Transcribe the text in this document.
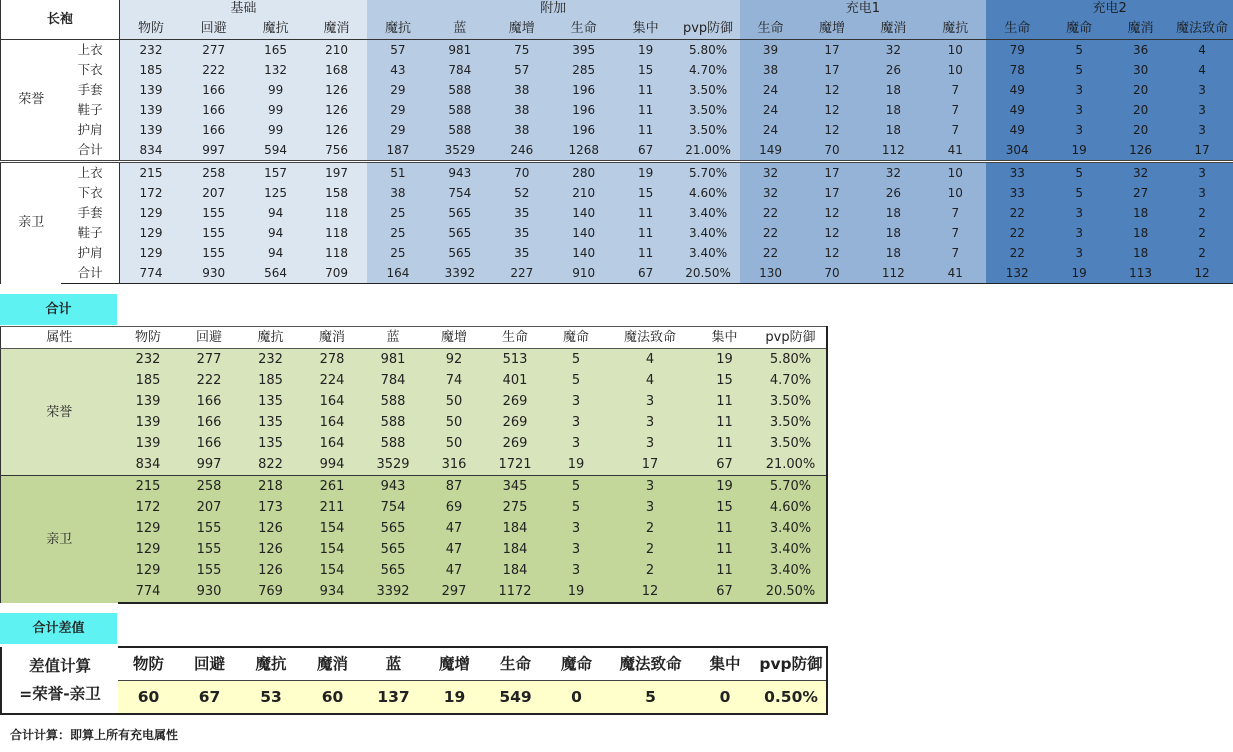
长袍		基础				附加						充电1				充电2			
		物防	回避	魔抗	魔消	魔抗	蓝	魔增	生命	集中	pvp防御	生命	魔增	魔消	魔抗	生命	魔命	魔消	魔法致命
荣誉	上衣	232	277	165	210	57	981	75	395	19	5.80%	39	17	32	10	79	5	36	4
	下衣	185	222	132	168	43	784	57	285	15	4.70%	38	17	26	10	78	5	30	4
	手套	139	166	99	126	29	588	38	196	11	3.50%	24	12	18	7	49	3	20	3
	鞋子	139	166	99	126	29	588	38	196	11	3.50%	24	12	18	7	49	3	20	3
	护肩	139	166	99	126	29	588	38	196	11	3.50%	24	12	18	7	49	3	20	3
	合计	834	997	594	756	187	3529	246	1268	67	21.00%	149	70	112	41	304	19	126	17
亲卫	上衣	215	258	157	197	51	943	70	280	19	5.70%	32	17	32	10	33	5	32	3
	下衣	172	207	125	158	38	754	52	210	15	4.60%	32	17	26	10	33	5	27	3
	手套	129	155	94	118	25	565	35	140	11	3.40%	22	12	18	7	22	3	18	2
	鞋子	129	155	94	118	25	565	35	140	11	3.40%	22	12	18	7	22	3	18	2
	护肩	129	155	94	118	25	565	35	140	11	3.40%	22	12	18	7	22	3	18	2
	合计	774	930	564	709	164	3392	227	910	67	20.50%	130	70	112	41	132	19	113	12
合计
属性	物防	回避	魔抗	魔消	蓝	魔增	生命	魔命	魔法致命	集中	pvp防御
荣誉	232	277	232	278	981	92	513	5	4	19	5.80%
	185	222	185	224	784	74	401	5	4	15	4.70%
	139	166	135	164	588	50	269	3	3	11	3.50%
	139	166	135	164	588	50	269	3	3	11	3.50%
	139	166	135	164	588	50	269	3	3	11	3.50%
	834	997	822	994	3529	316	1721	19	17	67	21.00%
亲卫	215	258	218	261	943	87	345	5	3	19	5.70%
	172	207	173	211	754	69	275	5	3	15	4.60%
	129	155	126	154	565	47	184	3	2	11	3.40%
	129	155	126	154	565	47	184	3	2	11	3.40%
	129	155	126	154	565	47	184	3	2	11	3.40%
	774	930	769	934	3392	297	1172	19	12	67	20.50%
合计差值
差值计算
=荣誉-亲卫	物防	回避	魔抗	魔消	蓝	魔增	生命	魔命	魔法致命	集中	pvp防御
	60	67	53	60	137	19	549	0	5	0	0.50%
合计计算：即算上所有充电属性
